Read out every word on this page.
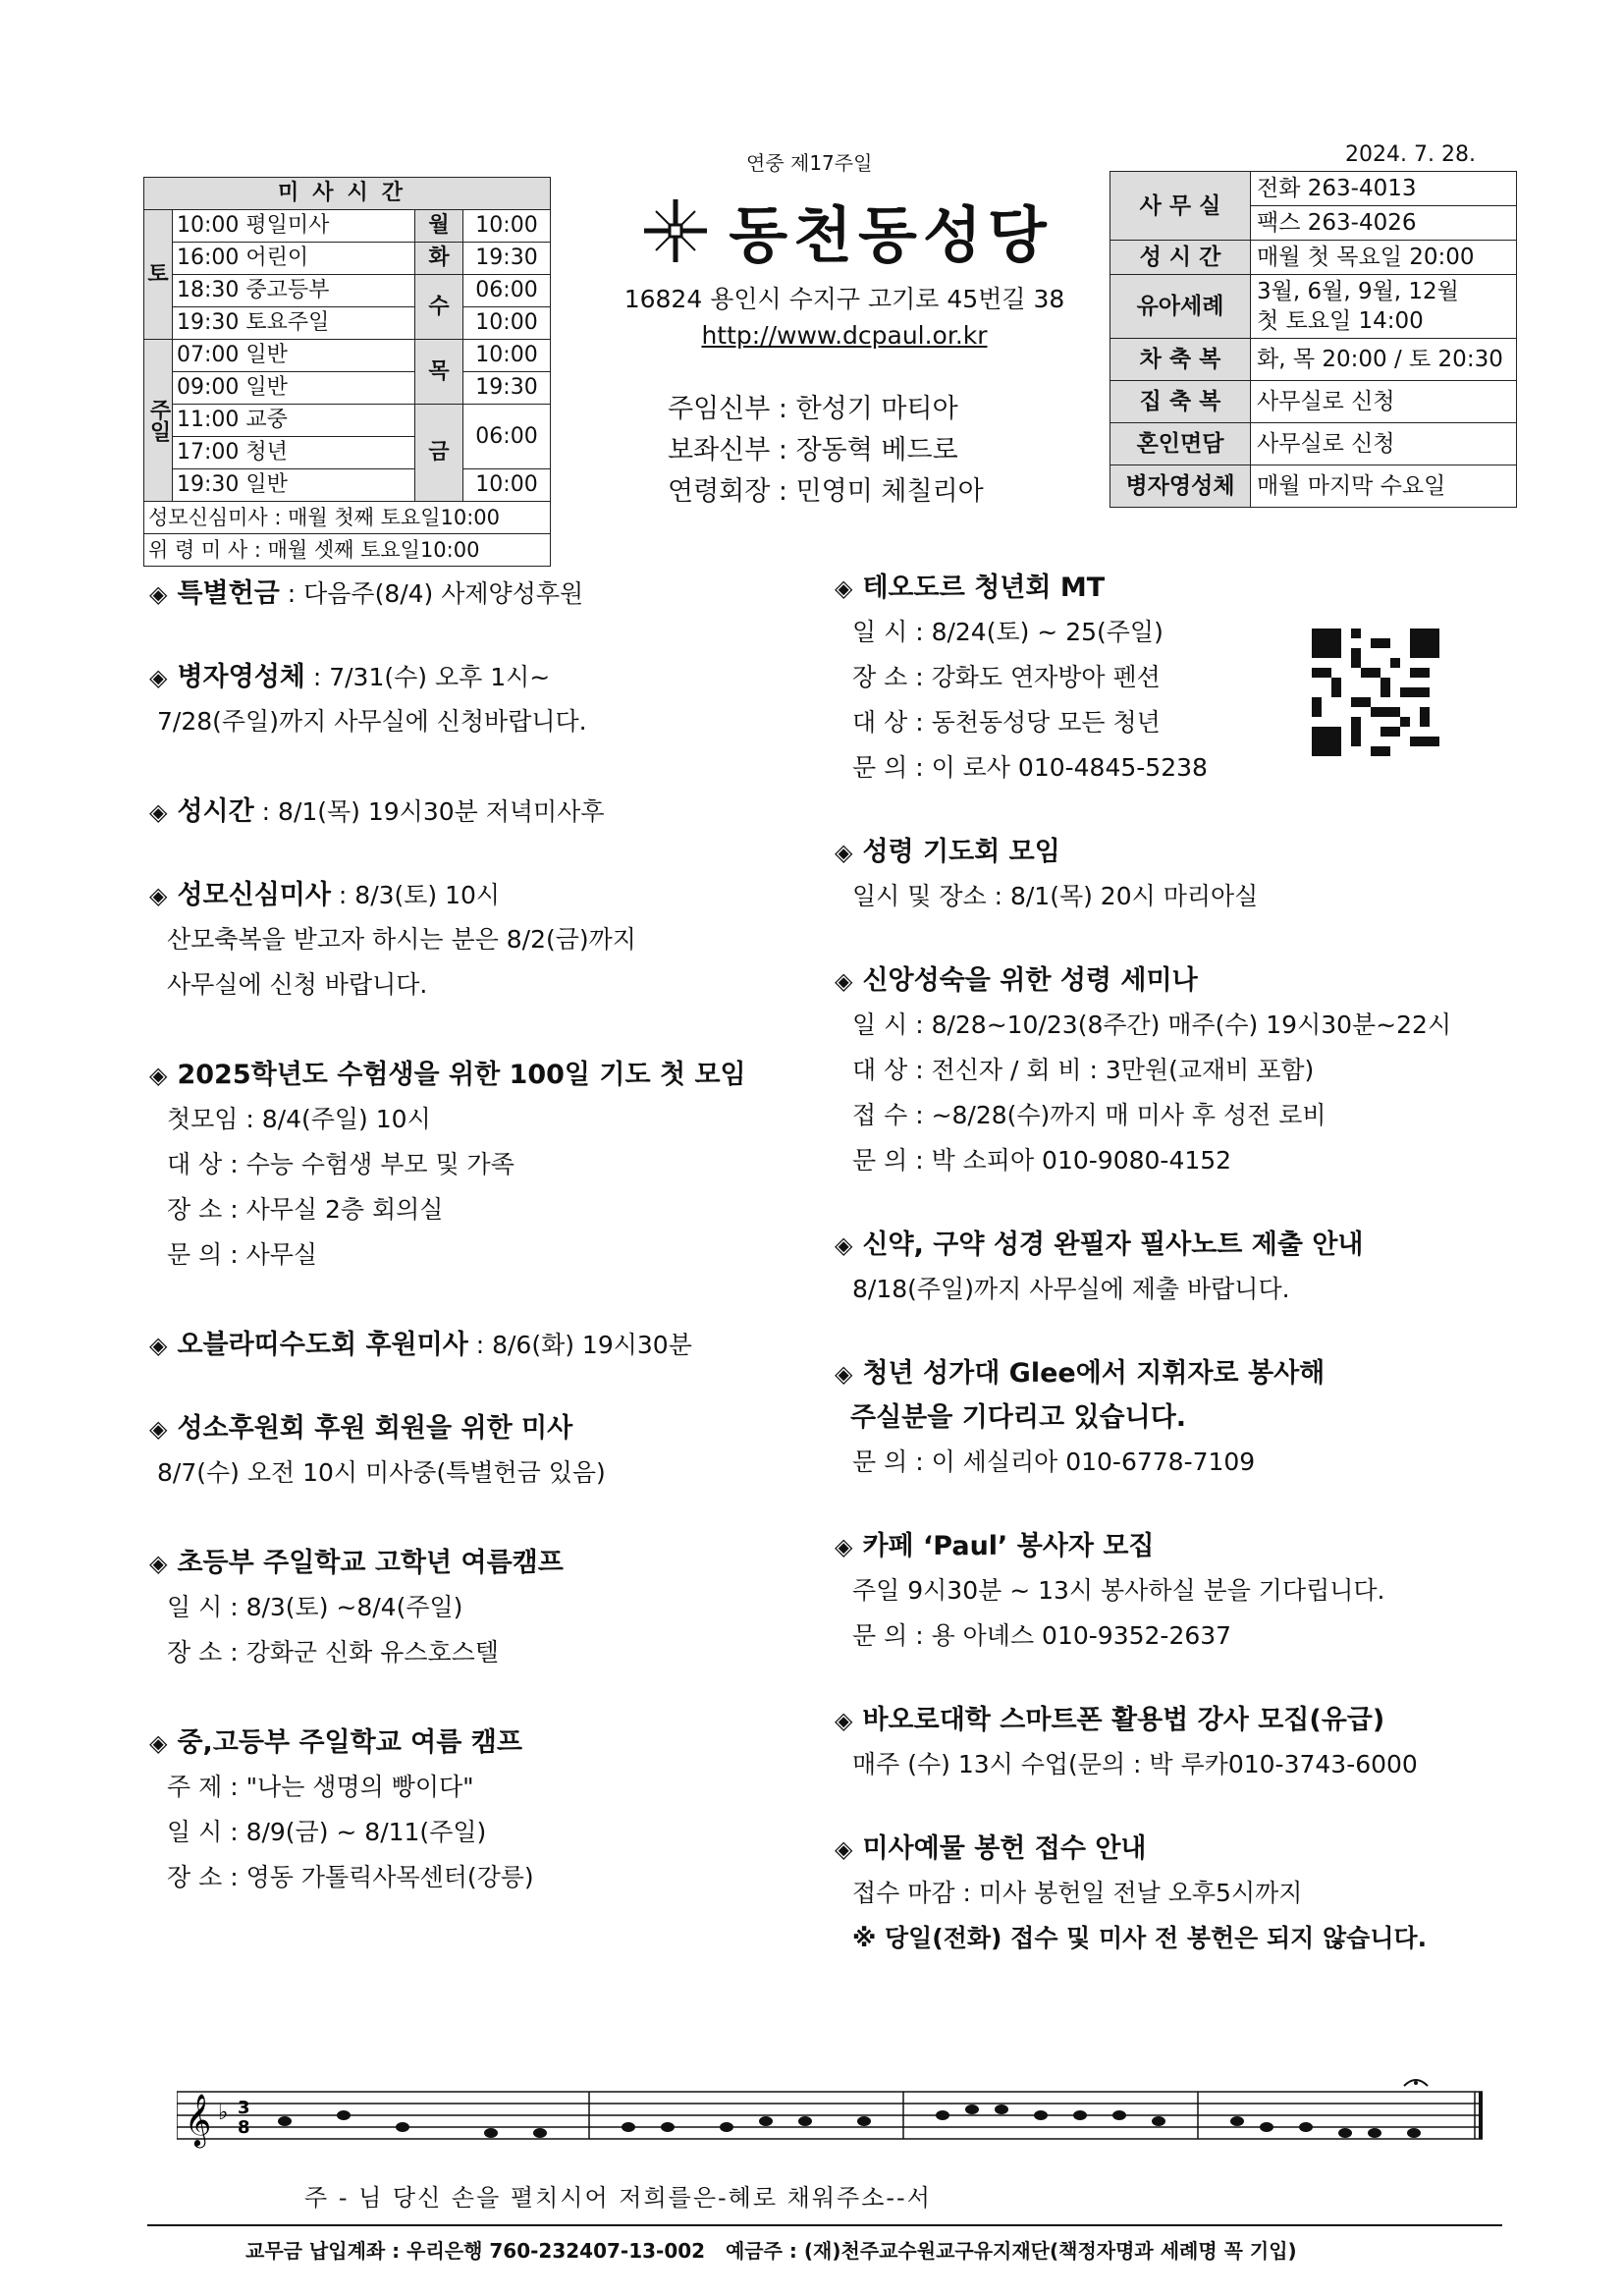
연중 제17주일	2024. 7. 28.
미사시간			
토	10:00 평일미사	월	10:00
	16:00 어린이	화	19:30
	18:30 중고등부	수	06:00
	19:30 토요주일		10:00
주일	07:00 일반	목	10:00
	09:00 일반		19:30
	11:00 교중	금	06:00
	17:00 청년		
	19:30 일반		10:00
성모신심미사 : 매월 첫째 토요일10:00			
위 령 미 사 : 매월 셋째 토요일10:00			
동천동성당
16824 용인시 수지구 고기로 45번길 38
http://www.dcpaul.or.kr
주임신부 : 한성기 마티아
보좌신부 : 장동혁 베드로
연령회장 : 민영미 체칠리아
사 무 실	전화 263-4013
	팩스 263-4026
성 시 간	매월 첫 목요일 20:00
유아세례	3월, 6월, 9월, 12월
첫 토요일 14:00

차 축 복	화, 목 20:00 / 토 20:30
집 축 복	사무실로 신청
혼인면담	사무실로 신청
병자영성체	매월 마지막 수요일
◈ 특별헌금 : 다음주(8/4) 사제양성후원
◈ 병자영성체 : 7/31(수) 오후 1시~
7/28(주일)까지 사무실에 신청바랍니다.
◈ 성시간 : 8/1(목) 19시30분 저녁미사후
◈ 성모신심미사 : 8/3(토) 10시
산모축복을 받고자 하시는 분은 8/2(금)까지
사무실에 신청 바랍니다.
◈ 2025학년도 수험생을 위한 100일 기도 첫 모임
첫모임 : 8/4(주일) 10시
대 상 : 수능 수험생 부모 및 가족
장 소 : 사무실 2층 회의실
문 의 : 사무실
◈ 오블라띠수도회 후원미사 : 8/6(화) 19시30분
◈ 성소후원회 후원 회원을 위한 미사
8/7(수) 오전 10시 미사중(특별헌금 있음)
◈ 초등부 주일학교 고학년 여름캠프
일 시 : 8/3(토) ~8/4(주일)
장 소 : 강화군 신화 유스호스텔
◈ 중,고등부 주일학교 여름 캠프
주 제 : "나는 생명의 빵이다"
일 시 : 8/9(금) ~ 8/11(주일)
장 소 : 영동 가톨릭사목센터(강릉)
◈ 테오도르 청년회 MT
일 시 : 8/24(토) ~ 25(주일)
장 소 : 강화도 연자방아 펜션
대 상 : 동천동성당 모든 청년
문 의 : 이 로사 010-4845-5238
◈ 성령 기도회 모임
일시 및 장소 : 8/1(목) 20시 마리아실
◈ 신앙성숙을 위한 성령 세미나
일 시 : 8/28~10/23(8주간) 매주(수) 19시30분~22시
대 상 : 전신자 / 회 비 : 3만원(교재비 포함)
접 수 : ~8/28(수)까지 매 미사 후 성전 로비
문 의 : 박 소피아 010-9080-4152
◈ 신약, 구약 성경 완필자 필사노트 제출 안내
8/18(주일)까지 사무실에 제출 바랍니다.
◈ 청년 성가대 Glee에서 지휘자로 봉사해
주실분을 기다리고 있습니다.
문 의 : 이 세실리아 010-6778-7109
◈ 카페 ‘Paul’ 봉사자 모집
주일 9시30분 ~ 13시 봉사하실 분을 기다립니다.
문 의 : 용 아녜스 010-9352-2637
◈ 바오로대학 스마트폰 활용법 강사 모집(유급)
매주 (수) 13시 수업(문의 : 박 루카010-3743-6000
◈ 미사예물 봉헌 접수 안내
접수 마감 : 미사 봉헌일 전날 오후5시까지
※ 당일(전화) 접수 및 미사 전 봉헌은 되지 않습니다.
𝄞 ♭ 3
8
주 - 님 당신 손을 펼치시어 저희를은-혜로 채워주소--서
교무금 납입계좌 : 우리은행 760-232407-13-002   예금주 : (재)천주교수원교구유지재단(책정자명과 세례명 꼭 기입)
